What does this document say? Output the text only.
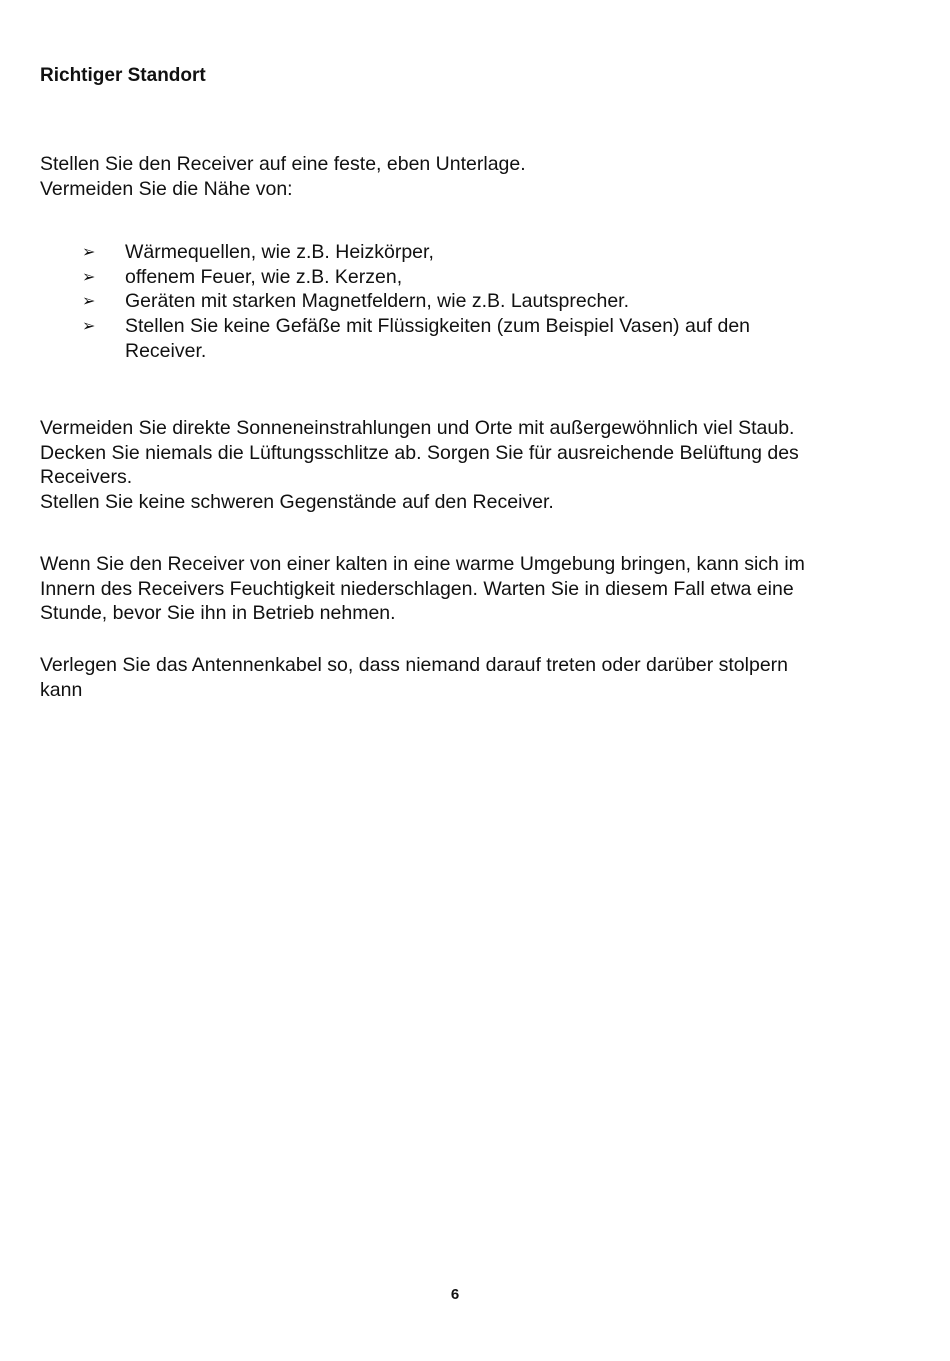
Richtiger Standort

Stellen Sie den Receiver auf eine feste, eben Unterlage.
Vermeiden Sie die Nähe von:

➢ Wärmequellen, wie z.B. Heizkörper,
➢ offenem Feuer, wie z.B. Kerzen,
➢ Geräten mit starken Magnetfeldern, wie z.B. Lautsprecher.
➢ Stellen Sie keine Gefäße mit Flüssigkeiten (zum Beispiel Vasen) auf den
Receiver.

Vermeiden Sie direkte Sonneneinstrahlungen und Orte mit außergewöhnlich viel Staub.
Decken Sie niemals die Lüftungsschlitze ab. Sorgen Sie für ausreichende Belüftung des
Receivers.
Stellen Sie keine schweren Gegenstände auf den Receiver.

Wenn Sie den Receiver von einer kalten in eine warme Umgebung bringen, kann sich im
Innern des Receivers Feuchtigkeit niederschlagen. Warten Sie in diesem Fall etwa eine
Stunde, bevor Sie ihn in Betrieb nehmen.

Verlegen Sie das Antennenkabel so, dass niemand darauf treten oder darüber stolpern
kann

6
